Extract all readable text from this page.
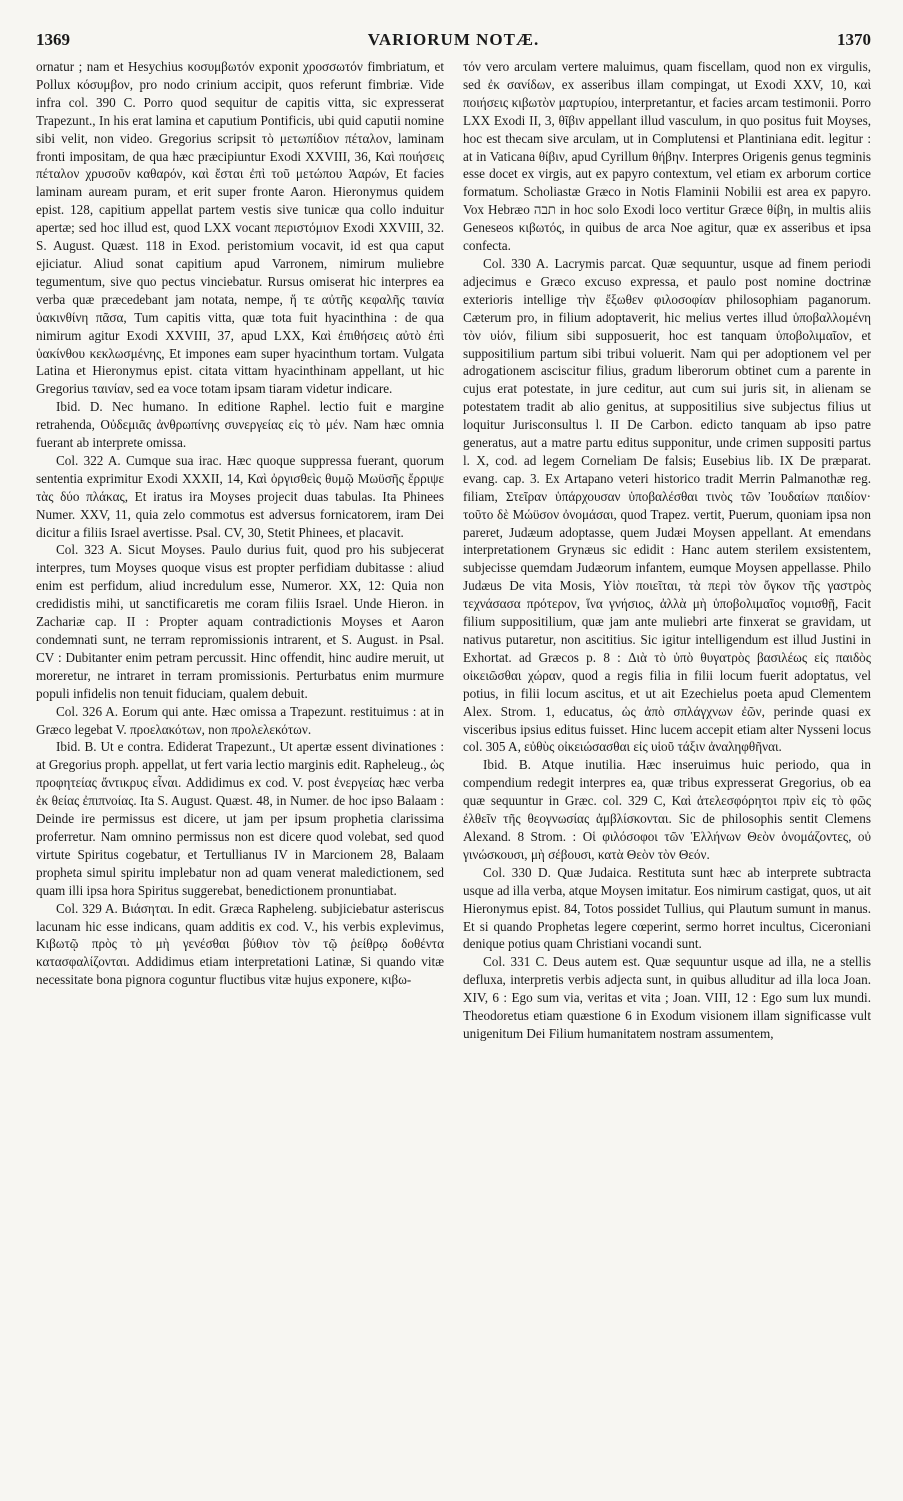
1369	VARIORUM NOTÆ.	1370

ornatur ; nam et Hesychius κοσυμβωτόν exponit χροσσωτόν fimbriatum, et Pollux κόσυμβον, pro nodo crinium accipit, quos referunt fimbriæ. Vide infra col. 390 C. Porro quod sequitur de capitis vitta, sic expresserat Trapezunt., In his erat lamina et caputium Pontificis, ubi quid caputii nomine sibi velit, non video. Gregorius scripsit τὸ μετωπίδιον πέταλον, laminam fronti impositam, de qua hæc præcipiuntur Exodi XXVIII, 36, Καὶ ποιήσεις πέταλον χρυσοῦν καθαρόν, καὶ ἔσται ἐπὶ τοῦ μετώπου Ἀαρών, Et facies laminam auream puram, et erit super fronte Aaron. Hieronymus quidem epist. 128, capitium appellat partem vestis sive tunicæ qua collo induitur apertæ; sed hoc illud est, quod LXX vocant περιστόμιον Exodi XXVIII, 32. S. August. Quæst. 118 in Exod. peristomium vocavit, id est qua caput ejiciatur. Aliud sonat capitium apud Varronem, nimirum muliebre tegumentum, sive quo pectus vinciebatur. Rursus omiserat hic interpres ea verba quæ præcedebant jam notata, nempe, ἥ τε αὐτῆς κεφαλῆς ταινία ὑακινθίνη πᾶσα, Tum capitis vitta, quæ tota fuit hyacinthina : de qua nimirum agitur Exodi XXVIII, 37, apud LXX, Καὶ ἐπιθήσεις αὐτὸ ἐπὶ ὑακίνθου κεκλωσμένης, Et impones eam super hyacinthum tortam. Vulgata Latina et Hieronymus epist. citata vittam hyacinthinam appellant, ut hic Gregorius ταινίαν, sed ea voce totam ipsam tiaram videtur indicare.

Ibid. D. Nec humano. In editione Raphel. lectio fuit e margine retrahenda, Οὐδεμιᾶς ἀνθρωπίνης συνεργείας εἰς τὸ μέν. Nam hæc omnia fuerant ab interprete omissa.

Col. 322 A. Cumque sua irac. Hæc quoque suppressa fuerant, quorum sententia exprimitur Exodi XXXII, 14, Καὶ ὀργισθεὶς θυμῷ Μωϋσῆς ἔρριψε τὰς δύο πλάκας, Et iratus ira Moyses projecit duas tabulas. Ita Phinees Numer. XXV, 11, quia zelo commotus est adversus fornicatorem, iram Dei dicitur a filiis Israel avertisse. Psal. CV, 30, Stetit Phinees, et placavit.

Col. 323 A. Sicut Moyses. Paulo durius fuit, quod pro his subjecerat interpres, tum Moyses quoque visus est propter perfidiam dubitasse : aliud enim est perfidum, aliud incredulum esse, Numeror. XX, 12: Quia non credidistis mihi, ut sanctificaretis me coram filiis Israel. Unde Hieron. in Zachariæ cap. II : Propter aquam contradictionis Moyses et Aaron condemnati sunt, ne terram repromissionis intrarent, et S. August. in Psal. CV : Dubitanter enim petram percussit. Hinc offendit, hinc audire meruit, ut moreretur, ne intraret in terram promissionis. Perturbatus enim murmure populi infidelis non tenuit fiduciam, qualem debuit.

Col. 326 A. Eorum qui ante. Hæc omissa a Trapezunt. restituimus : at in Græco legebat V. προελακότων, non προλελεκότων.

Ibid. B. Ut e contra. Ediderat Trapezunt., Ut apertæ essent divinationes : at Gregorius proph. appellat, ut fert varia lectio marginis edit. Rapheleug., ὡς προφητείας ἄντικρυς εἶναι. Addidimus ex cod. V. post ἐνεργείας hæc verba ἐκ θείας ἐπιπνοίας. Ita S. August. Quæst. 48, in Numer. de hoc ipso Balaam : Deinde ire permissus est dicere, ut jam per ipsum prophetia clarissima proferretur. Nam omnino permissus non est dicere quod volebat, sed quod virtute Spiritus cogebatur, et Tertullianus IV in Marcionem 28, Balaam propheta simul spiritu implebatur non ad quam venerat maledictionem, sed quam illi ipsa hora Spiritus suggerebat, benedictionem pronuntiabat.

Col. 329 A. Βιάσηται. In edit. Græca Rapheleng. subjiciebatur asteriscus lacunam hic esse indicans, quam additis ex cod. V., his verbis explevimus, Κιβωτῷ πρὸς τὸ μὴ γενέσθαι βύθιον τὸν τῷ ῥείθρῳ δοθέντα κατασφαλίζονται. Addidimus etiam interpretationi Latinæ, Si quando vitæ necessitate bona pignora coguntur fluctibus vitæ hujus exponere, κιβω-

τόν vero arculam vertere maluimus, quam fiscellam, quod non ex virgulis, sed ἐκ σανίδων, ex asseribus illam compingat, ut Exodi XXV, 10, καὶ ποιήσεις κιβωτὸν μαρτυρίου, interpretantur, et facies arcam testimonii. Porro LXX Exodi II, 3, θῖβιν appellant illud vasculum, in quo positus fuit Moyses, hoc est thecam sive arculam, ut in Complutensi et Plantiniana edit. legitur : at in Vaticana θίβιν, apud Cyrillum θήβην. Interpres Origenis genus tegminis esse docet ex virgis, aut ex papyro contextum, vel etiam ex arborum cortice formatum. Scholiastæ Græco in Notis Flaminii Nobilii est area ex papyro. Vox Hebræo תבה in hoc solo Exodi loco vertitur Græce θίβη, in multis aliis Geneseos κιβωτός, in quibus de arca Noe agitur, quæ ex asseribus et ipsa confecta.

Col. 330 A. Lacrymis parcat. Quæ sequuntur, usque ad finem periodi adjecimus e Græco excuso expressa, et paulo post nomine doctrinæ exterioris intellige τὴν ἔξωθεν φιλοσοφίαν philosophiam paganorum. Cæterum pro, in filium adoptaverit, hic melius vertes illud ὑποβαλλομένη τὸν υἱόν, filium sibi supposuerit, hoc est tanquam ὑποβολιμαῖον, et suppositilium partum sibi tribui voluerit. Nam qui per adoptionem vel per adrogationem asciscitur filius, gradum liberorum obtinet cum a parente in cujus erat potestate, in jure ceditur, aut cum sui juris sit, in alienam se potestatem tradit ab alio genitus, at suppositilius sive subjectus filius ut loquitur Jurisconsultus l. II De Carbon. edicto tanquam ab ipso patre generatus, aut a matre partu editus supponitur, unde crimen suppositi partus l. X, cod. ad legem Corneliam De falsis; Eusebius lib. IX De præparat. evang. cap. 3. Ex Artapano veteri historico tradit Merrin Palmanothæ reg. filiam, Στεῖραν ὑπάρχουσαν ὑποβαλέσθαι τινὸς τῶν Ἰουδαίων παιδίον· τοῦτο δὲ Μώϋσον ὀνομάσαι, quod Trapez. vertit, Puerum, quoniam ipsa non pareret, Judæum adoptasse, quem Judæi Moysen appellant. At emendans interpretationem Grynæus sic edidit : Hanc autem sterilem exsistentem, subjecisse quemdam Judæorum infantem, eumque Moysen appellasse. Philo Judæus De vita Mosis, Υἱὸν ποιεῖται, τὰ περὶ τὸν ὄγκον τῆς γαστρὸς τεχνάσασα πρότερον, ἵνα γνήσιος, ἀλλὰ μὴ ὑποβολιμαῖος νομισθῇ, Facit filium suppositilium, quæ jam ante muliebri arte finxerat se gravidam, ut nativus putaretur, non ascititius. Sic igitur intelligendum est illud Justini in Exhortat. ad Græcos p. 8 : Διὰ τὸ ὑπὸ θυγατρὸς βασιλέως εἰς παιδὸς οἰκειῶσθαι χώραν, quod a regis filia in filii locum fuerit adoptatus, vel potius, in filii locum ascitus, et ut ait Ezechielus poeta apud Clementem Alex. Strom. 1, educatus, ὡς ἀπὸ σπλάγχνων ἐῶν, perinde quasi ex visceribus ipsius editus fuisset. Hinc lucem accepit etiam alter Nysseni locus col. 305 A, εὐθὺς οἰκειώσασθαι εἰς υἱοῦ τάξιν ἀναληφθῆναι.

Ibid. B. Atque inutilia. Hæc inseruimus huic periodo, qua in compendium redegit interpres ea, quæ tribus expresserat Gregorius, ob ea quæ sequuntur in Græc. col. 329 C, Καὶ ἀτελεσφόρητοι πρὶν εἰς τὸ φῶς ἐλθεῖν τῆς θεογνωσίας ἀμβλίσκονται. Sic de philosophis sentit Clemens Alexand. 8 Strom. : Οἱ φιλόσοφοι τῶν Ἑλλήνων Θεὸν ὀνομάζοντες, οὐ γινώσκουσι, μὴ σέβουσι, κατὰ Θεὸν τὸν Θεόν.

Col. 330 D. Quæ Judaica. Restituta sunt hæc ab interprete subtracta usque ad illa verba, atque Moysen imitatur. Eos nimirum castigat, quos, ut ait Hieronymus epist. 84, Totos possidet Tullius, qui Plautum sumunt in manus. Et si quando Prophetas legere cœperint, sermo horret incultus, Ciceroniani denique potius quam Christiani vocandi sunt.

Col. 331 C. Deus autem est. Quæ sequuntur usque ad illa, ne a stellis defluxa, interpretis verbis adjecta sunt, in quibus alluditur ad illa loca Joan. XIV, 6 : Ego sum via, veritas et vita ; Joan. VIII, 12 : Ego sum lux mundi. Theodoretus etiam quæstione 6 in Exodum visionem illam significasse vult unigenitum Dei Filium humanitatem nostram assumentem,
